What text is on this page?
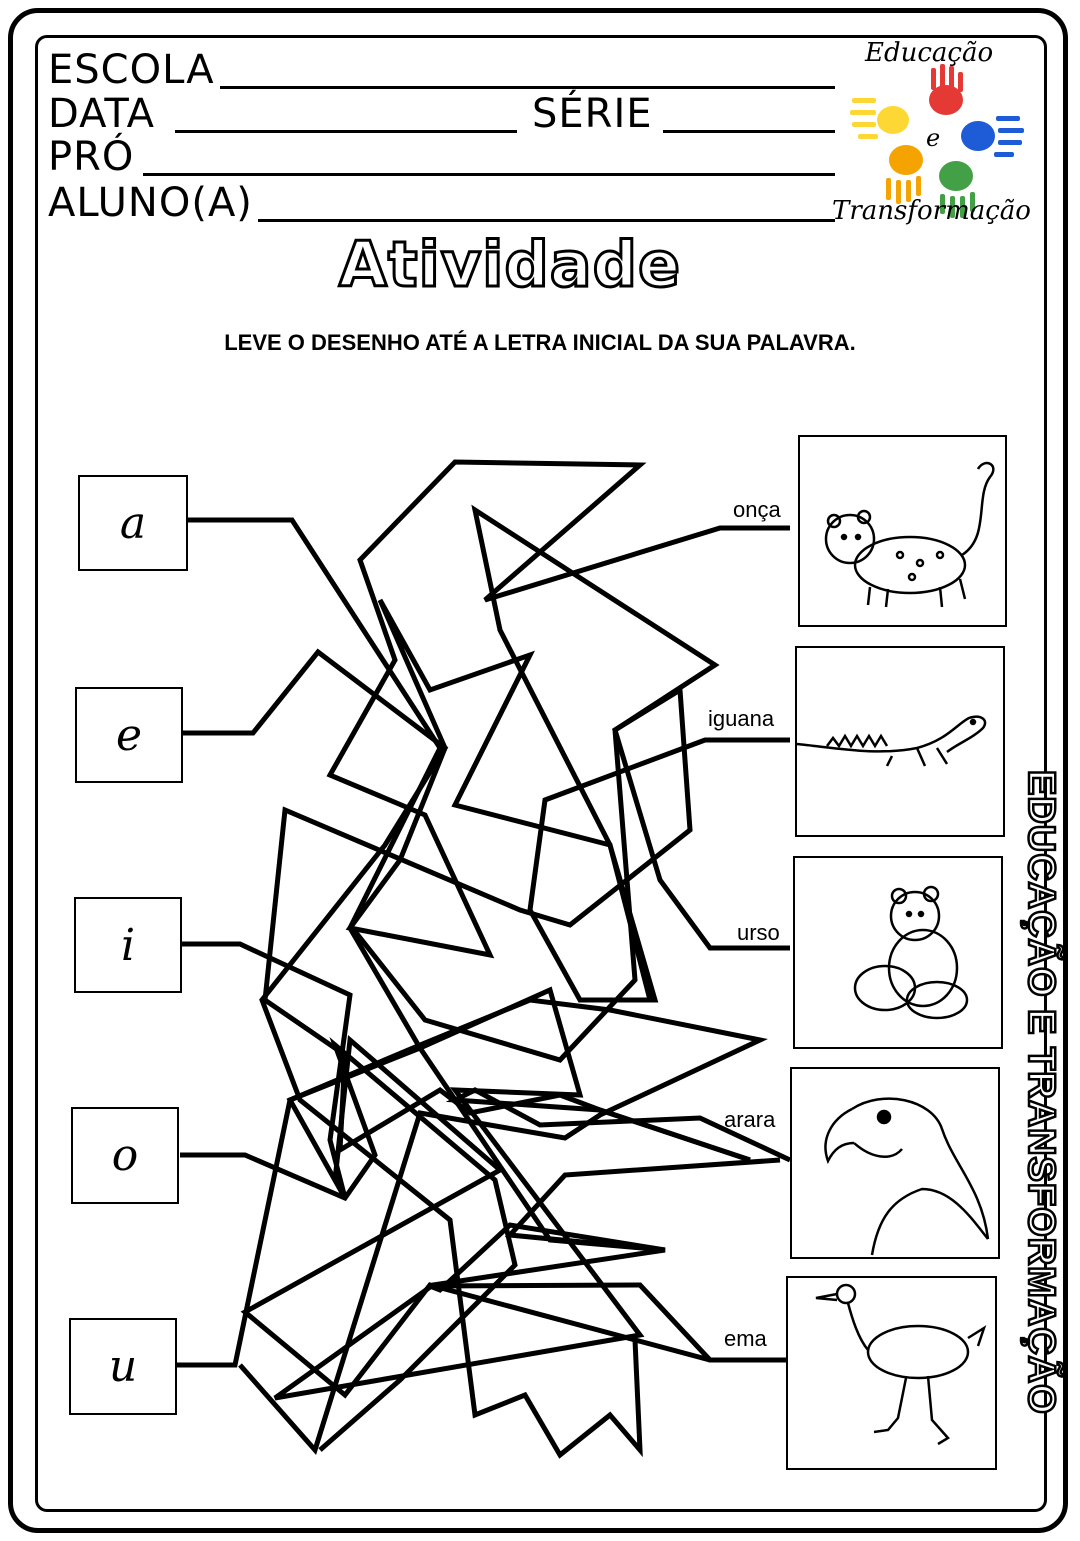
ESCOLA
DATA	SÉRIE
PRÓ
ALUNO(A)
Educação
e
Transformação
Atividade
LEVE O DESENHO ATÉ A LETRA INICIAL DA SUA PALAVRA.
EDUCAÇÃO E TRANSFORMAÇÃO
a
e
i
o
u
onça
iguana
urso
arara
ema
